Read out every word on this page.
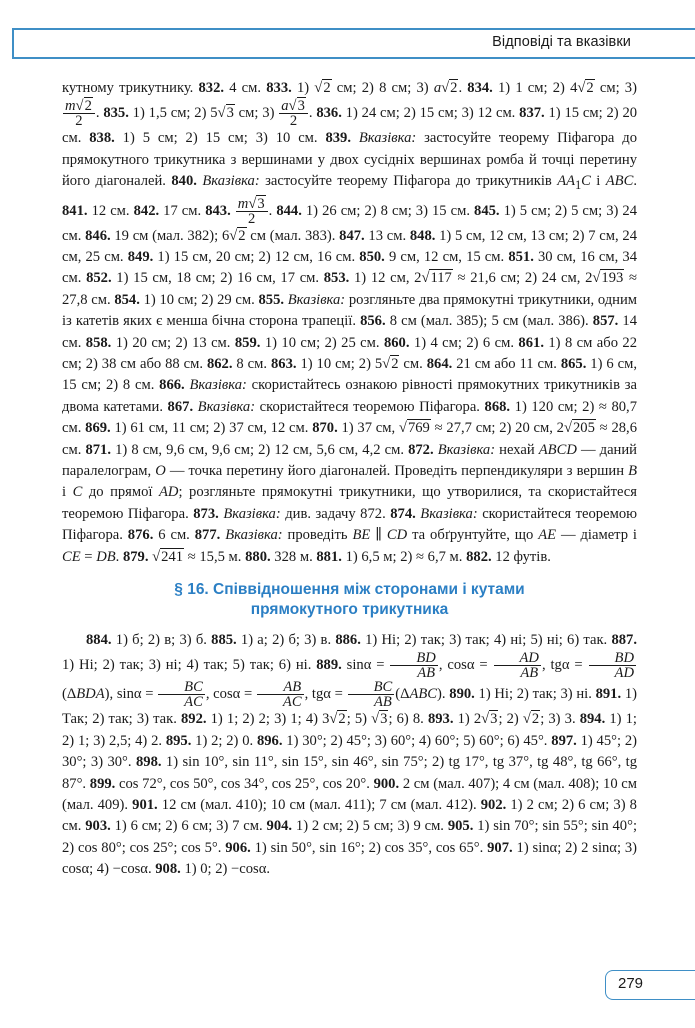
Відповіді та вказівки

кутному трикутнику. 832. 4 см. 833. 1) √2 см; 2) 8 см; 3) a√2. 834. 1) 1 см; 2) 4√2 см; 3)
$\frac{m√2}{2}$ . 835. 1) 1,5 см; 2) 5√3 см; $3) \frac{a√3}{2}$ . 836. 1) 24 см; 2) 15 см; 3) 12 см. 837. 1) 15 см; 2) 20 см. 838. 1) 5 см; 2) 15 см; 3) 10 см. 839. Вказівка: застосуйте теорему Піфагора до прямокутного трикутника з вершинами у двох сусідніх вершинах ромба й точці перетину його діагоналей. 840. Вказівка: застосуйте теорему Піфагора до трикутників $AA_1C$ і ABC. 841. 12 см. 842. 17 см. 843. $\frac{m√3}{2}$ . 844. 1) 26 см; 2) 8 см; 3) 15 см. 845. 1) 5 см; 2) 5 см; 3) 24 см. 846. 19 см (мал. 382); 6√2 см (мал. 383). 847. 13 см. 848. 1) 5 см, 12 см, 13 см; 2) 7 см, 24 см, 25 см. 849. 1) 15 см, 20 см; 2) 12 см, 16 см. 850. 9 см, 12 см, 15 см. 851. 30 см, 16 см, 34 см. 852. 1) 15 см, 18 см; 2) 16 см, 17 см. 853. 1) 12 см, 2√117 ≈ 21,6 см; 2) 24 см, 2√193 ≈ 27,8 см. 854. 1) 10 см; 2) 29 см. 855. Вказівка: розгляньте два прямокутні трикутники, одним із катетів яких є менша бічна сторона трапеції. 856. 8 см (мал. 385); 5 см (мал. 386). 857. 14 см. 858. 1) 20 см; 2) 13 см. 859. 1) 10 см; 2) 25 см. 860. 1) 4 см; 2) 6 см. 861. 1) 8 см або 22 см; 2) 38 см або 88 см. 862. 8 см. 863. 1) 10 см; 2) 5√2 см. 864. 21 см або 11 см. 865. 1) 6 см, 15 см; 2) 8 см. 866. Вказівка: скористайтесь ознакою рівності прямокутних трикутників за двома катетами. 867. Вказівка: скористайтеся теоремою Піфагора. 868. 1) 120 см; 2) ≈ 80,7 см. 869. 1) 61 см, 11 см; 2) 37 см, 12 см. 870. 1) 37 см, √769 ≈ 27,7 см; 2) 20 см, 2√205 ≈ 28,6 см. 871. 1) 8 см, 9,6 см, 9,6 см; 2) 12 см, 5,6 см, 4,2 см. 872. Вказівка: нехай ABCD — даний паралелограм, O — точка перетину його діагоналей. Проведіть перпендикуляри з вершин B і C до прямої AD; розгляньте прямокутні трикутники, що утворилися, та скористайтеся теоремою Піфагора. 873. Вказівка: див. задачу 872. 874. Вказівка: скористайтеся теоремою Піфагора. 876. 6 см. 877. Вказівка: проведіть BE ∥ CD та обґрунтуйте, що AE — діаметр і CE = DB. 879. √241 ≈ 15,5 м. 880. 328 м. 881. 1) 6,5 м; 2) ≈ 6,7 м. 882. 12 футів.

§ 16. Співвідношення між сторонами і кутами
прямокутного трикутника

884. 1) б; 2) в; 3) б. 885. 1) а; 2) б; 3) в. 886. 1) Ні; 2) так; 3) так; 4) ні; 5) ні; 6) так. 887. 1) Ні; 2) так; 3) ні; 4) так; 5) так; 6) ні. 889. $\sin\alpha = \frac{BD}{AB}$ , $\cos\alpha = \frac{AD}{AB}$ , $tg\alpha = \frac{BD}{AD}$
(ΔBDA), $\sin\alpha = \frac{BC}{AC}$ , $\cos\alpha = \frac{AB}{AC}$ , $tg\alpha = \frac{BC}{AB} (\Delta ABC)$. 890. 1) Ні; 2) так; 3) ні. 891. 1) Так; 2) так; 3) так. 892. 1) 1; 2) 2; 3) 1; 4) 3√2; 5) √3; 6) 8. 893. 1) 2√3; 2) √2; 3) 3. 894. 1) 1; 2) 1; 3) 2,5; 4) 2. 895. 1) 2; 2) 0. 896. 1) 30°; 2) 45°; 3) 60°; 4) 60°; 5) 60°; 6) 45°. 897. 1) 45°; 2) 30°; 3) 30°. 898. 1) sin 10°, sin 11°, sin 15°, sin 46°, sin 75°; 2) tg 17°, tg 37°, tg 48°, tg 66°, tg 87°. 899. cos 72°, cos 50°, cos 34°, cos 25°, cos 20°. 900. 2 см (мал. 407); 4 см (мал. 408); 10 см (мал. 409). 901. 12 см (мал. 410); 10 см (мал. 411); 7 см (мал. 412). 902. 1) 2 см; 2) 6 см; 3) 8 см. 903. 1) 6 см; 2) 6 см; 3) 7 см. 904. 1) 2 см; 2) 5 см; 3) 9 см. 905. 1) sin 70°; sin 55°; sin 40°; 2) cos 80°; cos 25°; cos 5°. 906. 1) sin 50°, sin 16°; 2) cos 35°, cos 65°. 907. 1) sinα; 2) 2 sinα; 3) cosα; 4) −cosα. 908. 1) 0; 2) −cosα.

279
